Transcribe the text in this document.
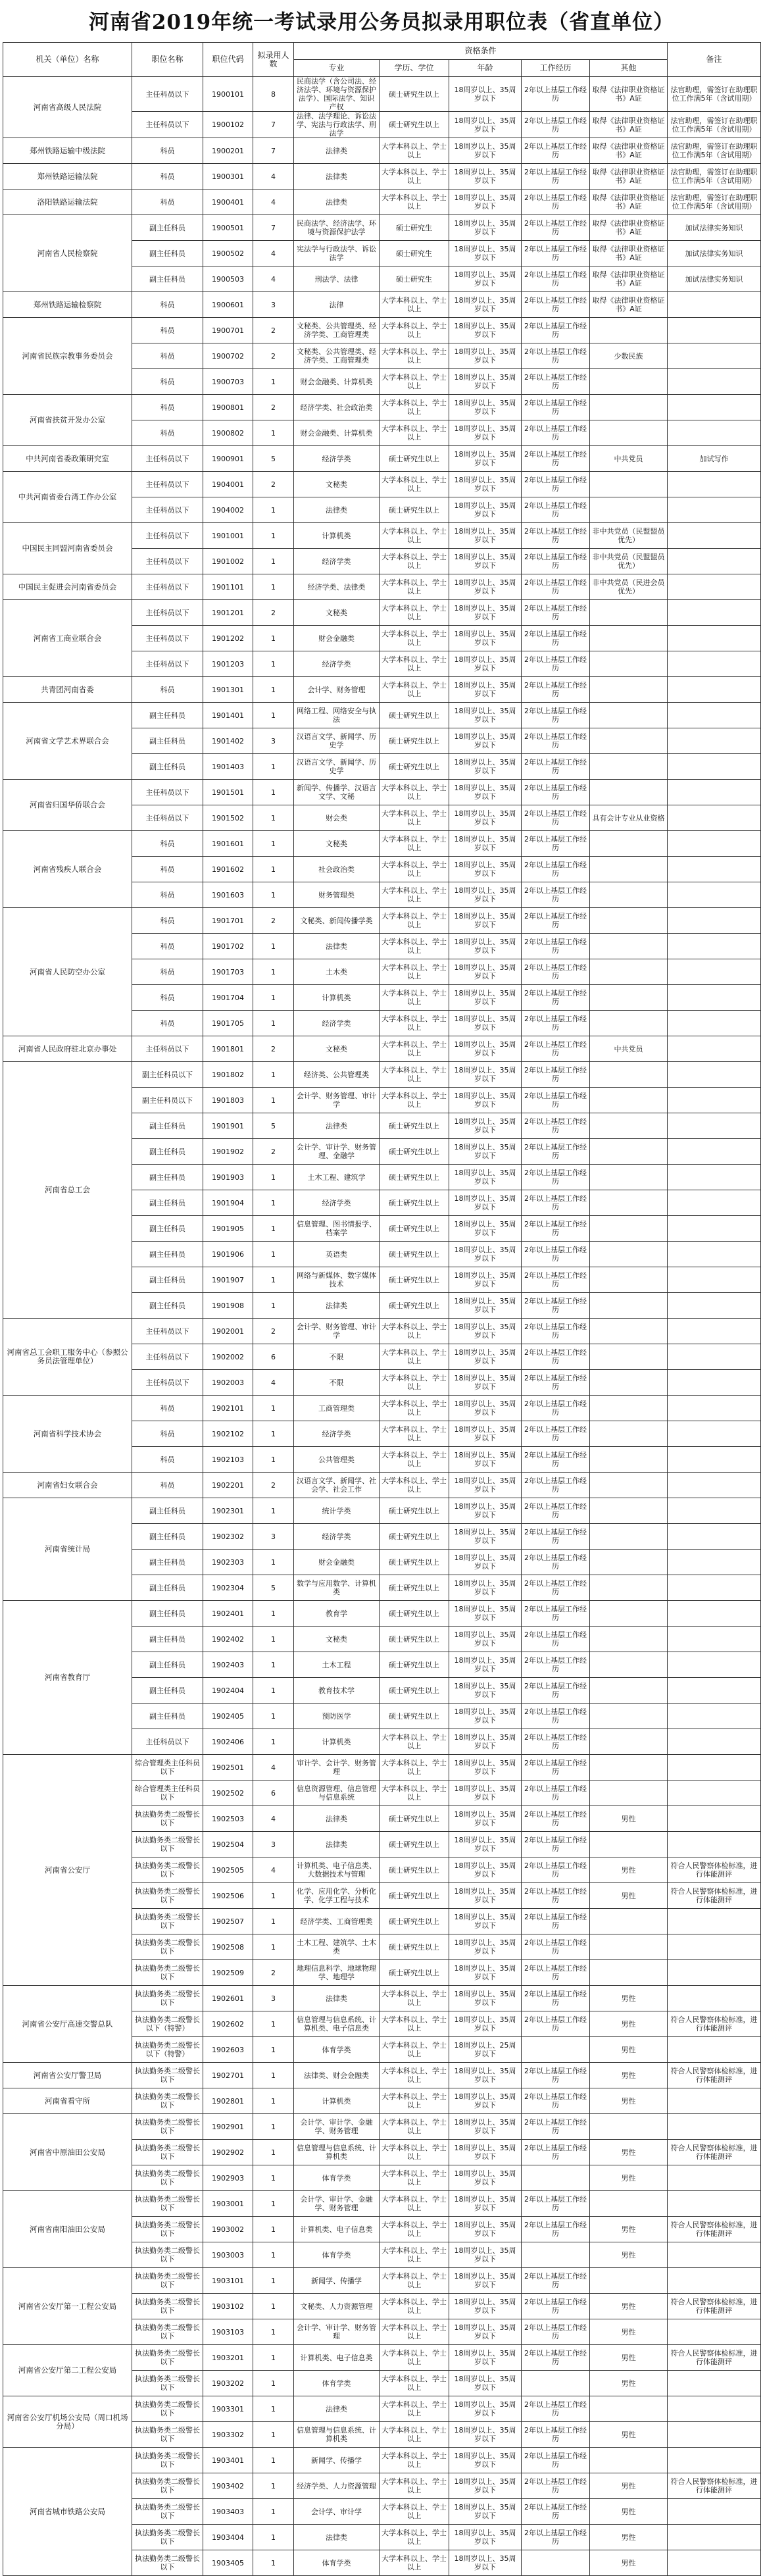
河南省2019年统一考试录用公务员拟录用职位表（省直单位）
机关（单位）名称	职位名称	职位代码	拟录用人数	资格条件					备注
				专业	学历、学位	年龄	工作经历	其他	
河南省高级人民法院	主任科员以下	1900101	8	民商法学（含公司法、经济法学、环境与资源保护法学）、国际法学、知识产权	硕士研究生以上	18周岁以上、35周岁以下	2年以上基层工作经历	取得《法律职业资格证书》A证	法官助理，需签订在助理职位工作满5年（含试用期）
	主任科员以下	1900102	7	法律、法学理论、诉讼法学、宪法与行政法学、刑法学	硕士研究生以上	18周岁以上、35周岁以下	2年以上基层工作经历	取得《法律职业资格证书》A证	法官助理，需签订在助理职位工作满5年（含试用期）
郑州铁路运输中级法院	科员	1900201	7	法律类	大学本科以上、学士以上	18周岁以上、35周岁以下	2年以上基层工作经历	取得《法律职业资格证书》A证	法官助理，需签订在助理职位工作满5年（含试用期）
郑州铁路运输法院	科员	1900301	4	法律类	大学本科以上、学士以上	18周岁以上、35周岁以下	2年以上基层工作经历	取得《法律职业资格证书》A证	法官助理，需签订在助理职位工作满5年（含试用期）
洛阳铁路运输法院	科员	1900401	4	法律类	大学本科以上、学士以上	18周岁以上、35周岁以下	2年以上基层工作经历	取得《法律职业资格证书》A证	法官助理，需签订在助理职位工作满5年（含试用期）
河南省人民检察院	副主任科员	1900501	7	民商法学、经济法学、环境与资源保护法学	硕士研究生	18周岁以上、35周岁以下	2年以上基层工作经历	取得《法律职业资格证书》A证	加试法律实务知识
	副主任科员	1900502	4	宪法学与行政法学、诉讼法学	硕士研究生	18周岁以上、35周岁以下	2年以上基层工作经历	取得《法律职业资格证书》A证	加试法律实务知识
	副主任科员	1900503	4	刑法学、法律	硕士研究生	18周岁以上、35周岁以下	2年以上基层工作经历	取得《法律职业资格证书》A证	加试法律实务知识
郑州铁路运输检察院	科员	1900601	3	法律	大学本科以上、学士以上	18周岁以上、35周岁以下	2年以上基层工作经历	取得《法律职业资格证书》A证	
河南省民族宗教事务委员会	科员	1900701	2	文秘类、公共管理类、经济学类、工商管理类	大学本科以上、学士以上	18周岁以上、35周岁以下	2年以上基层工作经历		
	科员	1900702	2	文秘类、公共管理类、经济学类、工商管理类	大学本科以上、学士以上	18周岁以上、35周岁以下	2年以上基层工作经历	少数民族	
	科员	1900703	1	财会金融类、计算机类	大学本科以上、学士以上	18周岁以上、35周岁以下	2年以上基层工作经历		
河南省扶贫开发办公室	科员	1900801	2	经济学类、社会政治类	大学本科以上、学士以上	18周岁以上、35周岁以下	2年以上基层工作经历		
	科员	1900802	1	财会金融类、计算机类	大学本科以上、学士以上	18周岁以上、35周岁以下	2年以上基层工作经历		
中共河南省委政策研究室	主任科员以下	1900901	5	经济学类	硕士研究生以上	18周岁以上、35周岁以下	2年以上基层工作经历	中共党员	加试写作
中共河南省委台湾工作办公室	主任科员以下	1904001	2	文秘类	大学本科以上、学士以上	18周岁以上、35周岁以下	2年以上基层工作经历		
	主任科员以下	1904002	1	法律类	硕士研究生以上	18周岁以上、35周岁以下	2年以上基层工作经历		
中国民主同盟河南省委员会	主任科员以下	1901001	1	计算机类	大学本科以上、学士以上	18周岁以上、35周岁以下	2年以上基层工作经历	非中共党员（民盟盟员优先）	
	主任科员以下	1901002	1	经济学类	大学本科以上、学士以上	18周岁以上、35周岁以下	2年以上基层工作经历	非中共党员（民盟盟员优先）	
中国民主促进会河南省委员会	主任科员以下	1901101	1	经济学类、法律类	大学本科以上、学士以上	18周岁以上、35周岁以下	2年以上基层工作经历	非中共党员（民进会员优先）	
河南省工商业联合会	主任科员以下	1901201	2	文秘类	大学本科以上、学士以上	18周岁以上、35周岁以下	2年以上基层工作经历		
	主任科员以下	1901202	1	财会金融类	大学本科以上、学士以上	18周岁以上、35周岁以下	2年以上基层工作经历		
	主任科员以下	1901203	1	经济学类	大学本科以上、学士以上	18周岁以上、35周岁以下	2年以上基层工作经历		
共青团河南省委	科员	1901301	1	会计学、财务管理	大学本科以上、学士以上	18周岁以上、35周岁以下	2年以上基层工作经历		
河南省文学艺术界联合会	副主任科员	1901401	1	网络工程、网络安全与执法	硕士研究生以上	18周岁以上、35周岁以下	2年以上基层工作经历		
	副主任科员	1901402	3	汉语言文学、新闻学、历史学	硕士研究生以上	18周岁以上、35周岁以下	2年以上基层工作经历		
	副主任科员	1901403	1	汉语言文学、新闻学、历史学	硕士研究生以上	18周岁以上、35周岁以下	2年以上基层工作经历		
河南省归国华侨联合会	主任科员以下	1901501	1	新闻学、传播学、汉语言文学、文秘	大学本科以上、学士以上	18周岁以上、35周岁以下	2年以上基层工作经历		
	主任科员以下	1901502	1	财会类	大学本科以上、学士以上	18周岁以上、35周岁以下	2年以上基层工作经历	具有会计专业从业资格	
河南省残疾人联合会	科员	1901601	1	文秘类	大学本科以上、学士以上	18周岁以上、35周岁以下	2年以上基层工作经历		
	科员	1901602	1	社会政治类	大学本科以上、学士以上	18周岁以上、35周岁以下	2年以上基层工作经历		
	科员	1901603	1	财务管理类	大学本科以上、学士以上	18周岁以上、35周岁以下	2年以上基层工作经历		
河南省人民防空办公室	科员	1901701	2	文秘类、新闻传播学类	大学本科以上、学士以上	18周岁以上、35周岁以下	2年以上基层工作经历		
	科员	1901702	1	法律类	大学本科以上、学士以上	18周岁以上、35周岁以下	2年以上基层工作经历		
	科员	1901703	1	土木类	大学本科以上、学士以上	18周岁以上、35周岁以下	2年以上基层工作经历		
	科员	1901704	1	计算机类	大学本科以上、学士以上	18周岁以上、35周岁以下	2年以上基层工作经历		
	科员	1901705	1	经济学类	大学本科以上、学士以上	18周岁以上、35周岁以下	2年以上基层工作经历		
河南省人民政府驻北京办事处	主任科员以下	1901801	2	文秘类	大学本科以上、学士以上	18周岁以上、35周岁以下	2年以上基层工作经历	中共党员	
河南省总工会	副主任科员以下	1901802	1	经济类、公共管理类	大学本科以上、学士以上	18周岁以上、35周岁以下	2年以上基层工作经历		
	副主任科员以下	1901803	1	会计学、财务管理、审计学	大学本科以上、学士以上	18周岁以上、35周岁以下	2年以上基层工作经历		
	副主任科员	1901901	5	法律类	硕士研究生以上	18周岁以上、35周岁以下	2年以上基层工作经历		
	副主任科员	1901902	2	会计学、审计学、财务管理、金融学	硕士研究生以上	18周岁以上、35周岁以下	2年以上基层工作经历		
	副主任科员	1901903	1	土木工程、建筑学	硕士研究生以上	18周岁以上、35周岁以下	2年以上基层工作经历		
	副主任科员	1901904	1	经济学类	硕士研究生以上	18周岁以上、35周岁以下	2年以上基层工作经历		
	副主任科员	1901905	1	信息管理、图书情报学、档案学	硕士研究生以上	18周岁以上、35周岁以下	2年以上基层工作经历		
	副主任科员	1901906	1	英语类	硕士研究生以上	18周岁以上、35周岁以下	2年以上基层工作经历		
	副主任科员	1901907	1	网络与新媒体、数字媒体技术	硕士研究生以上	18周岁以上、35周岁以下	2年以上基层工作经历		
	副主任科员	1901908	1	法律类	硕士研究生以上	18周岁以上、35周岁以下	2年以上基层工作经历		
河南省总工会职工服务中心（参照公务员法管理单位）	主任科员以下	1902001	2	会计学、财务管理、审计学	大学本科以上、学士以上	18周岁以上、35周岁以下	2年以上基层工作经历		
	主任科员以下	1902002	6	不限	大学本科以上、学士以上	18周岁以上、35周岁以下	2年以上基层工作经历		
	主任科员以下	1902003	4	不限	大学本科以上、学士以上	18周岁以上、35周岁以下	2年以上基层工作经历		
河南省科学技术协会	科员	1902101	1	工商管理类	大学本科以上、学士以上	18周岁以上、35周岁以下	2年以上基层工作经历		
	科员	1902102	1	经济学类	大学本科以上、学士以上	18周岁以上、35周岁以下	2年以上基层工作经历		
	科员	1902103	1	公共管理类	大学本科以上、学士以上	18周岁以上、35周岁以下	2年以上基层工作经历		
河南省妇女联合会	科员	1902201	2	汉语言文学、新闻学、社会学、社会工作	大学本科以上、学士以上	18周岁以上、35周岁以下	2年以上基层工作经历		
河南省统计局	副主任科员	1902301	1	统计学类	硕士研究生以上	18周岁以上、35周岁以下	2年以上基层工作经历		
	副主任科员	1902302	3	经济学类	硕士研究生以上	18周岁以上、35周岁以下	2年以上基层工作经历		
	副主任科员	1902303	1	财会金融类	硕士研究生以上	18周岁以上、35周岁以下	2年以上基层工作经历		
	副主任科员	1902304	5	数学与应用数学、计算机类	硕士研究生以上	18周岁以上、35周岁以下	2年以上基层工作经历		
河南省教育厅	副主任科员	1902401	1	教育学	硕士研究生以上	18周岁以上、35周岁以下	2年以上基层工作经历		
	副主任科员	1902402	1	文秘类	硕士研究生以上	18周岁以上、35周岁以下	2年以上基层工作经历		
	副主任科员	1902403	1	土木工程	硕士研究生以上	18周岁以上、35周岁以下	2年以上基层工作经历		
	副主任科员	1902404	1	教育技术学	硕士研究生以上	18周岁以上、35周岁以下	2年以上基层工作经历		
	副主任科员	1902405	1	预防医学	硕士研究生以上	18周岁以上、35周岁以下	2年以上基层工作经历		
	主任科员以下	1902406	1	计算机类	大学本科以上、学士以上	18周岁以上、35周岁以下	2年以上基层工作经历		
河南省公安厅	综合管理类主任科员以下	1902501	4	审计学、会计学、财务管理	大学本科以上、学士以上	18周岁以上、35周岁以下	2年以上基层工作经历		
	综合管理类主任科员以下	1902502	6	信息资源管理、信息管理与信息系统	大学本科以上、学士以上	18周岁以上、35周岁以下	2年以上基层工作经历		
	执法勤务类二级警长以下	1902503	4	法律类	硕士研究生以上	18周岁以上、35周岁以下	2年以上基层工作经历	男性	
	执法勤务类二级警长以下	1902504	3	法律类	硕士研究生以上	18周岁以上、35周岁以下	2年以上基层工作经历		
	执法勤务类二级警长以下	1902505	4	计算机类、电子信息类、大数据技术与管理	硕士研究生以上	18周岁以上、35周岁以下	2年以上基层工作经历	男性	符合人民警察体检标准，进行体能测评
	执法勤务类二级警长以下	1902506	1	化学、应用化学、分析化学、化学工程与技术	硕士研究生以上	18周岁以上、35周岁以下	2年以上基层工作经历	男性	符合人民警察体检标准，进行体能测评
	执法勤务类二级警长以下	1902507	1	经济学类、工商管理类	硕士研究生以上	18周岁以上、35周岁以下	2年以上基层工作经历		
	执法勤务类二级警长以下	1902508	1	土木工程、建筑学、土木类	硕士研究生以上	18周岁以上、35周岁以下	2年以上基层工作经历		
	执法勤务类二级警长以下	1902509	2	地理信息科学、地球物理学、地理学	硕士研究生以上	18周岁以上、35周岁以下	2年以上基层工作经历		
河南省公安厅高速交警总队	执法勤务类二级警长以下	1902601	3	法律类	大学本科以上、学士以上	18周岁以上、35周岁以下	2年以上基层工作经历	男性	
	执法勤务类二级警长以下（特警）	1902602	1	信息管理与信息系统、计算机类、电子信息类	大学本科以上、学士以上	18周岁以上、35周岁以下	2年以上基层工作经历	男性	符合人民警察体检标准，进行体能测评
	执法勤务类二级警长以下（特警）	1902603	1	体育学类	大学本科以上、学士以上	18周岁以上、25周岁以下		男性	
河南省公安厅警卫局	执法勤务类二级警长以下	1902701	1	法律类、财会金融类	大学本科以上、学士以上	18周岁以上、35周岁以下	2年以上基层工作经历	男性	符合人民警察体检标准，进行体能测评
河南省看守所	执法勤务类二级警长以下	1902801	1	计算机类	大学本科以上、学士以上	18周岁以上、35周岁以下	2年以上基层工作经历	男性	
河南省中原油田公安局	执法勤务类二级警长以下	1902901	1	会计学、审计学、金融学、财务管理	大学本科以上、学士以上	18周岁以上、35周岁以下	2年以上基层工作经历		
	执法勤务类二级警长以下	1902902	1	信息管理与信息系统、计算机类	大学本科以上、学士以上	18周岁以上、35周岁以下	2年以上基层工作经历	男性	符合人民警察体检标准，进行体能测评
	执法勤务类二级警长以下	1902903	1	体育学类	大学本科以上、学士以上	18周岁以上、35周岁以下		男性	
河南省南阳油田公安局	执法勤务类二级警长以下	1903001	1	会计学、审计学、金融学、财务管理	大学本科以上、学士以上	18周岁以上、35周岁以下	2年以上基层工作经历		
	执法勤务类二级警长以下	1903002	1	计算机类、电子信息类	大学本科以上、学士以上	18周岁以上、35周岁以下	2年以上基层工作经历	男性	符合人民警察体检标准，进行体能测评
	执法勤务类二级警长以下	1903003	1	体育学类	大学本科以上、学士以上	18周岁以上、35周岁以下		男性	
河南省公安厅第一工程公安局	执法勤务类二级警长以下	1903101	1	新闻学、传播学	大学本科以上、学士以上	18周岁以上、35周岁以下	2年以上基层工作经历		
	执法勤务类二级警长以下	1903102	1	文秘类、人力资源管理	大学本科以上、学士以上	18周岁以上、35周岁以下	2年以上基层工作经历	男性	符合人民警察体检标准，进行体能测评
	执法勤务类二级警长以下	1903103	1	会计学、审计学、财务管理	大学本科以上、学士以上	18周岁以上、35周岁以下	2年以上基层工作经历	男性	
河南省公安厅第二工程公安局	执法勤务类二级警长以下	1903201	1	计算机类、电子信息类	大学本科以上、学士以上	18周岁以上、35周岁以下	2年以上基层工作经历	男性	符合人民警察体检标准，进行体能测评
	执法勤务类二级警长以下	1903202	1	体育学类	大学本科以上、学士以上	18周岁以上、35周岁以下		男性	
河南省公安厅机场公安局（周口机场分局）	执法勤务类二级警长以下	1903301	1	法律类	大学本科以上、学士以上	18周岁以上、35周岁以下	2年以上基层工作经历		
	执法勤务类二级警长以下	1903302	1	信息管理与信息系统、计算机类	大学本科以上、学士以上	18周岁以上、35周岁以下	2年以上基层工作经历	男性	
河南省城市铁路公安局	执法勤务类二级警长以下	1903401	1	新闻学、传播学	大学本科以上、学士以上	18周岁以上、35周岁以下	2年以上基层工作经历		
	执法勤务类二级警长以下	1903402	1	经济学类、人力资源管理	大学本科以上、学士以上	18周岁以上、35周岁以下	2年以上基层工作经历	男性	符合人民警察体检标准，进行体能测评
	执法勤务类二级警长以下	1903403	1	会计学、审计学	大学本科以上、学士以上	18周岁以上、35周岁以下	2年以上基层工作经历	男性	
	执法勤务类二级警长以下	1903404	1	法律类	大学本科以上、学士以上	18周岁以上、35周岁以下	2年以上基层工作经历	男性	
	执法勤务类二级警长以下	1903405	1	体育学类	大学本科以上、学士以上	18周岁以上、35周岁以下		男性	
